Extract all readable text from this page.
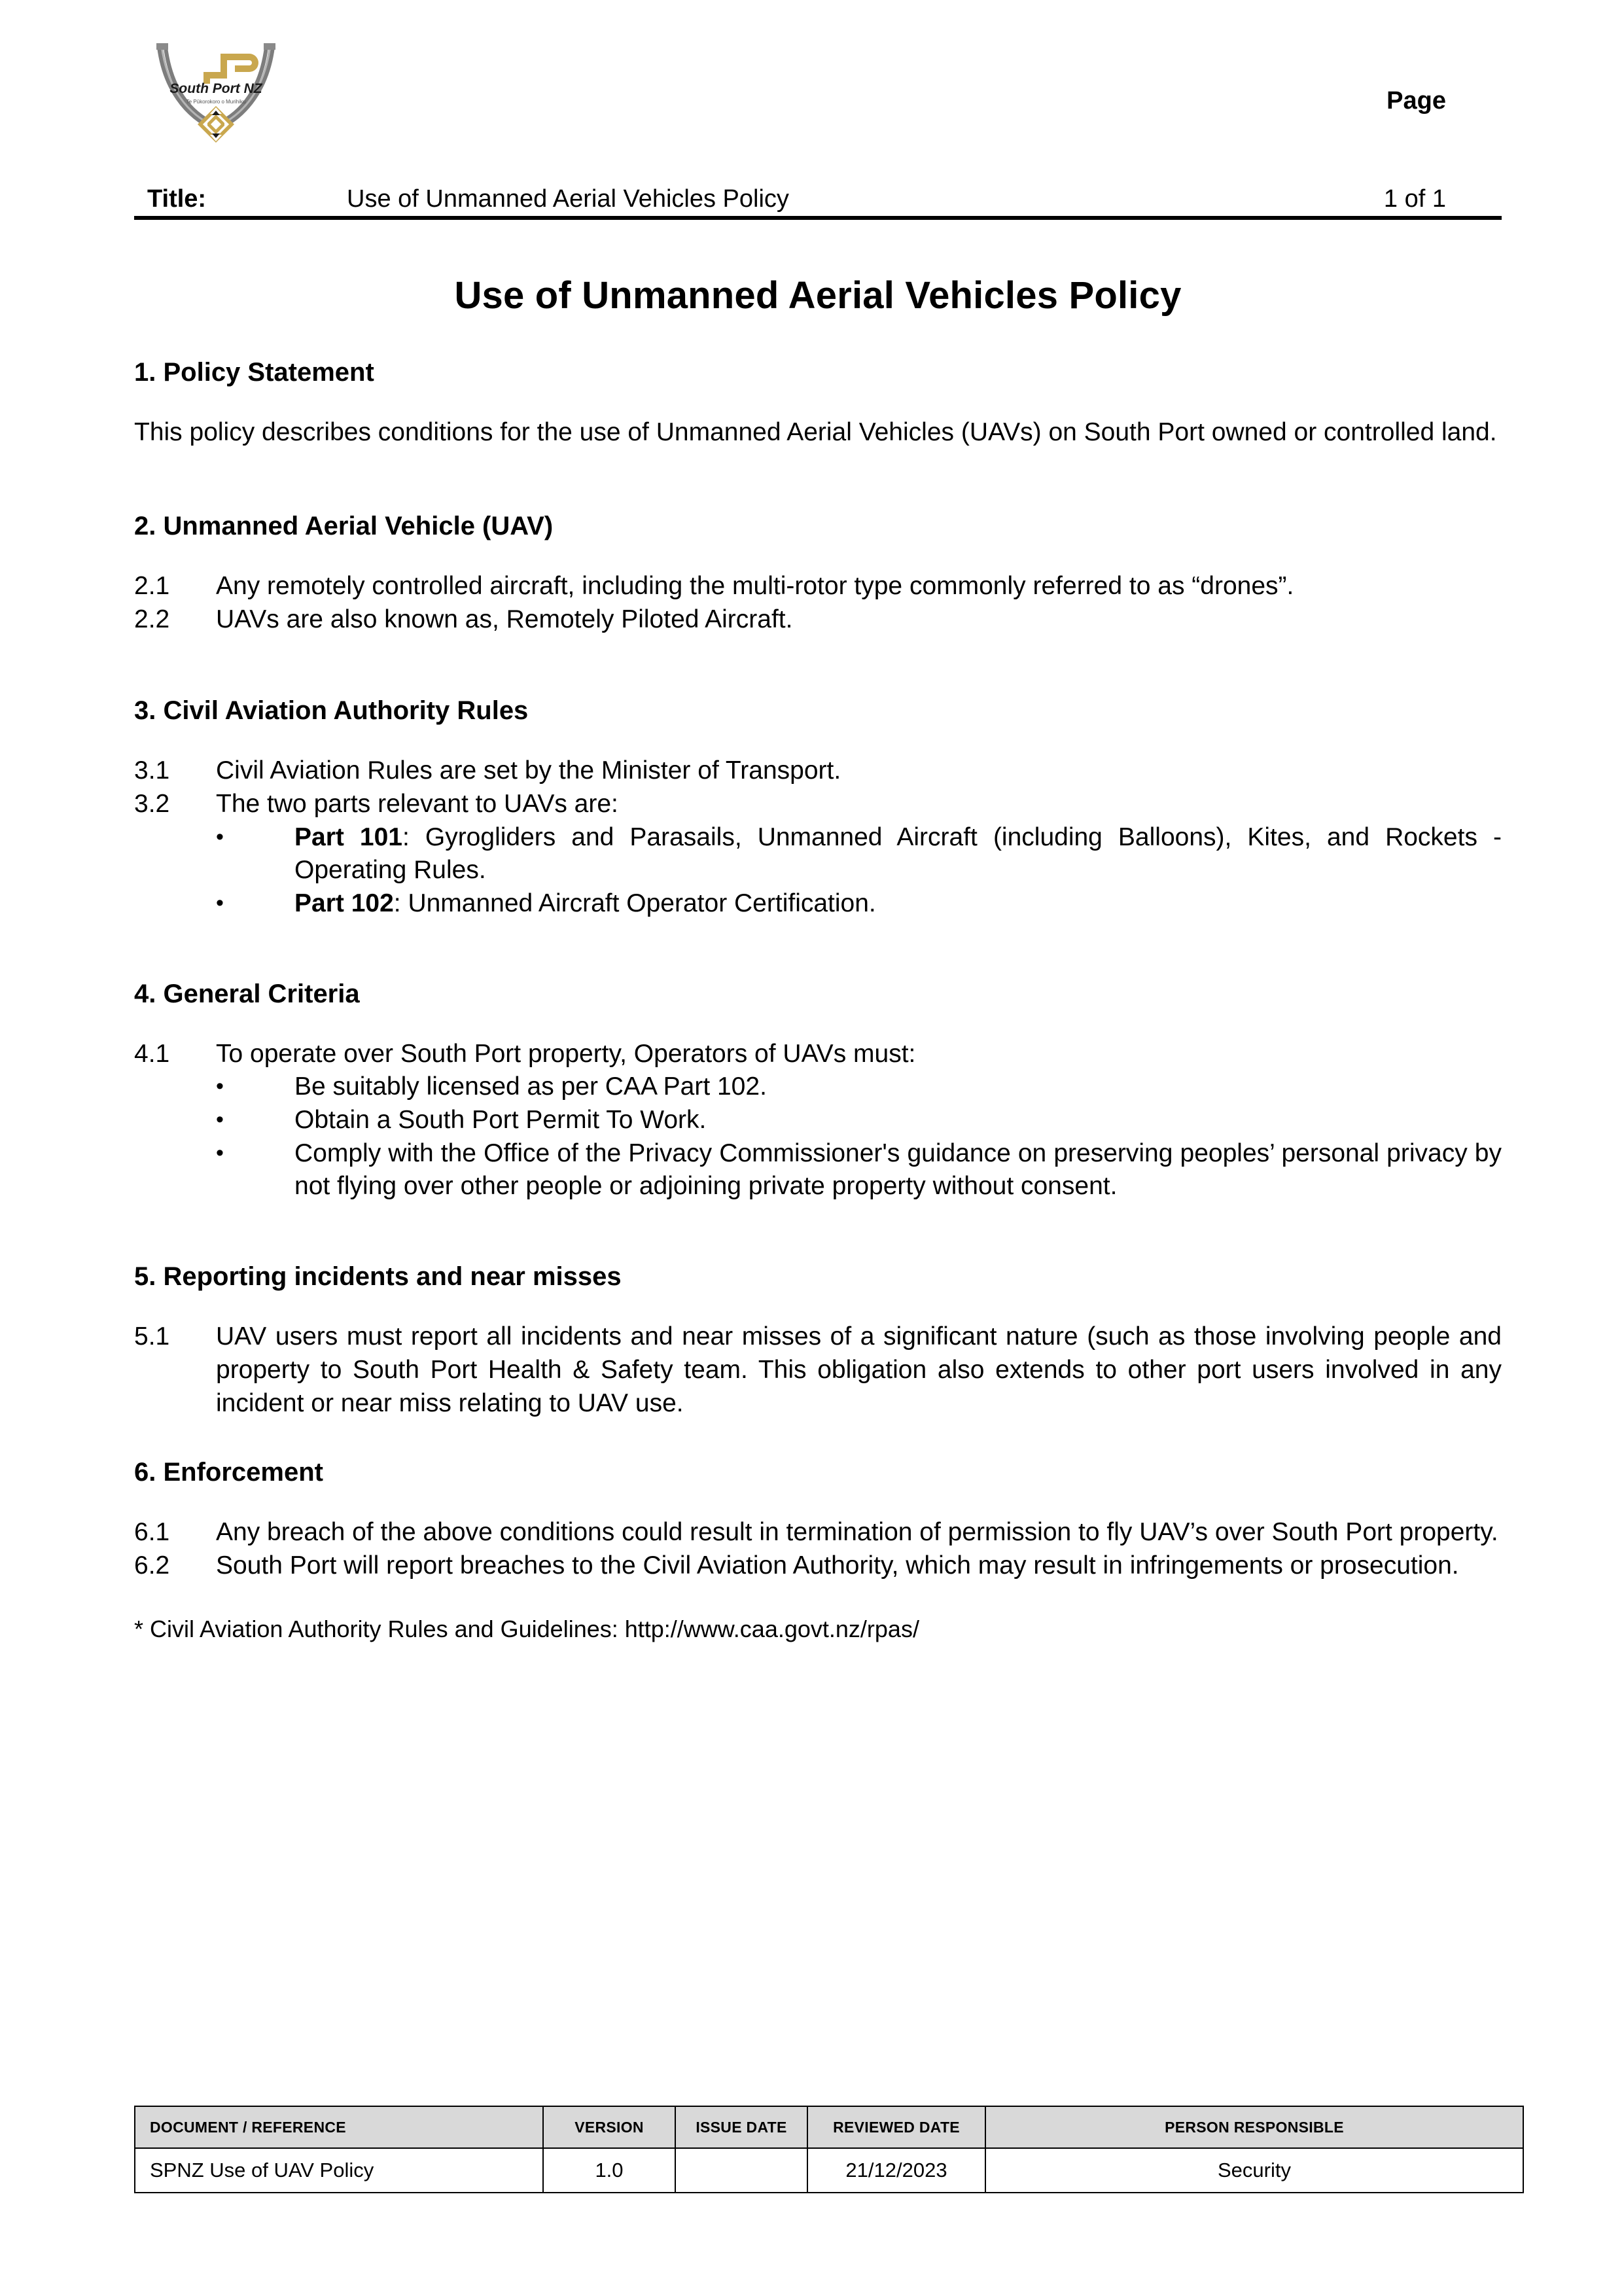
South Port NZ
Te Pūkorokoro o Murihiku	Page
Title:	Use of Unmanned Aerial Vehicles Policy	1 of 1
Use of Unmanned Aerial Vehicles Policy
1. Policy Statement

This policy describes conditions for the use of Unmanned Aerial Vehicles (UAVs) on South Port owned or controlled land.

2. Unmanned Aerial Vehicle (UAV)
2.1	Any remotely controlled aircraft, including the multi-rotor type commonly referred to as “drones”.
2.2	UAVs are also known as, Remotely Piloted Aircraft.
3. Civil Aviation Authority Rules
3.1	Civil Aviation Rules are set by the Minister of Transport.
3.2	The two parts relevant to UAVs are:
•	Part 101: Gyrogliders and Parasails, Unmanned Aircraft (including Balloons), Kites, and Rockets - Operating Rules.
•	Part 102: Unmanned Aircraft Operator Certification.
4. General Criteria
4.1	To operate over South Port property, Operators of UAVs must:
•	Be suitably licensed as per CAA Part 102.
•	Obtain a South Port Permit To Work.
•	Comply with the Office of the Privacy Commissioner's guidance on preserving peoples’ personal privacy by not flying over other people or adjoining private property without consent.
5. Reporting incidents and near misses
5.1	UAV users must report all incidents and near misses of a significant nature (such as those involving people and property to South Port Health & Safety team. This obligation also extends to other port users involved in any incident or near miss relating to UAV use.
6. Enforcement
6.1	Any breach of the above conditions could result in termination of permission to fly UAV’s over South Port property.
6.2	South Port will report breaches to the Civil Aviation Authority, which may result in infringements or prosecution.

* Civil Aviation Authority Rules and Guidelines: http://www.caa.govt.nz/rpas/

DOCUMENT / REFERENCE	VERSION	ISSUE DATE	REVIEWED DATE	PERSON RESPONSIBLE
SPNZ Use of UAV Policy	1.0		21/12/2023	Security
